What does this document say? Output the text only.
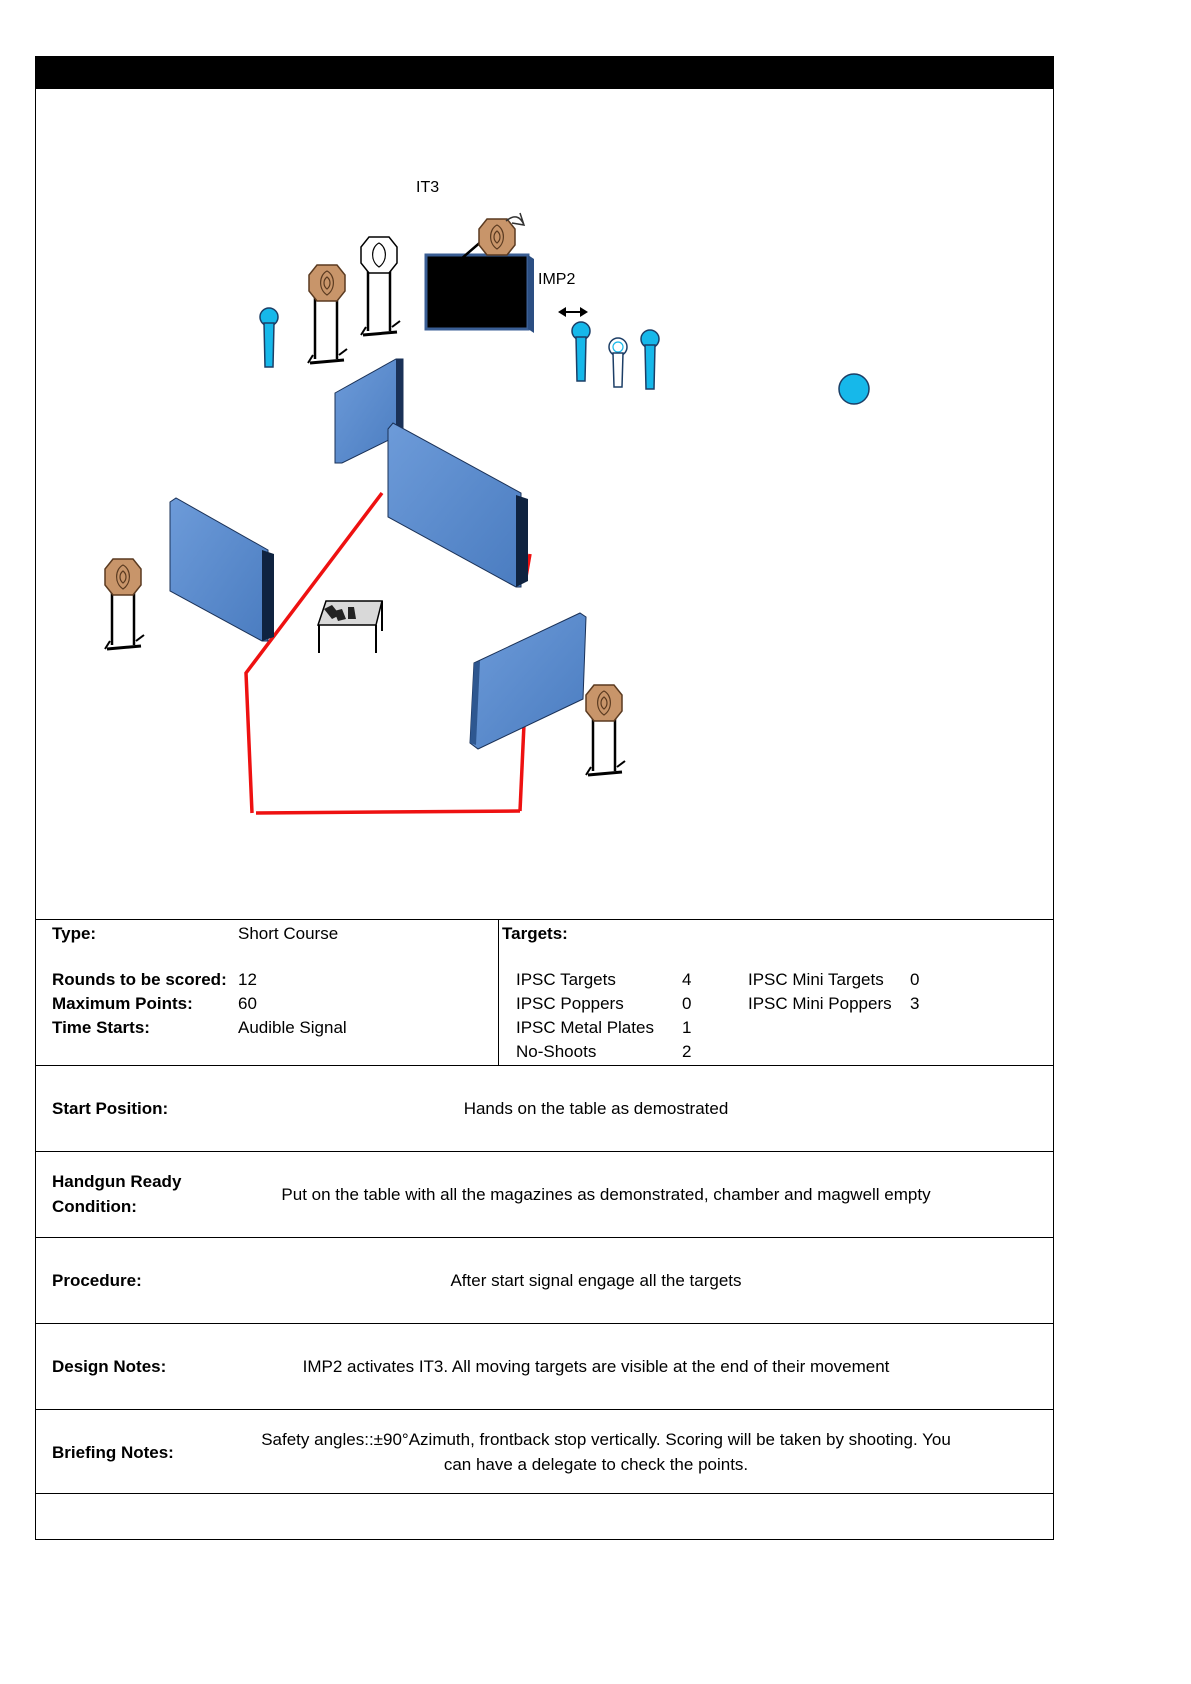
IT3
IMP2
Type:	Short Course
Rounds to be scored: 12
Maximum Points:	60
Time Starts:	Audible Signal
Targets:
IPSC Targets	4
IPSC Poppers	0
IPSC Metal Plates 1
No-Shoots	2
IPSC Mini Targets 0
IPSC Mini Poppers 3
Start Position:	Hands on the table as demostrated
Handgun Ready
Condition:
Put on the table with all the magazines as demonstrated, chamber and magwell empty
Procedure:	After start signal engage all the targets
Design Notes:	IMP2 activates IT3. All moving targets are visible at the end of their movement
Briefing Notes:
Safety angles::±90°Azimuth, frontback stop vertically. Scoring will be taken by shooting. You
can have a delegate to check the points.
